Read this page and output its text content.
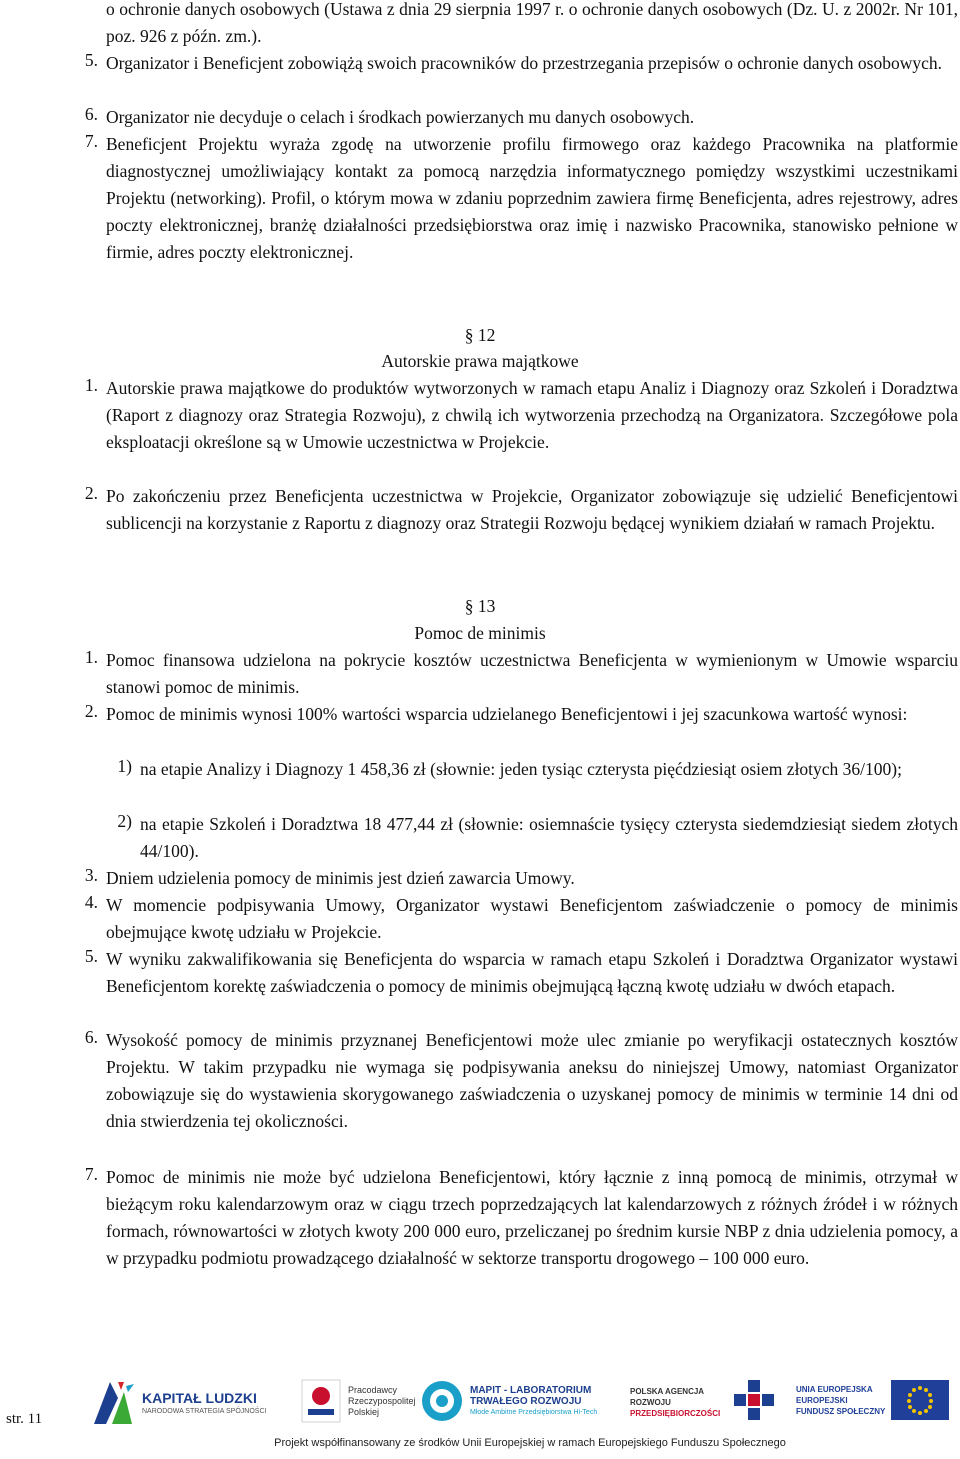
o ochronie danych osobowych (Ustawa z dnia 29 sierpnia 1997 r. o ochronie danych osobowych (Dz. U. z 2002r. Nr 101, poz. 926 z późn. zm.).
5. Organizator i Beneficjent zobowiążą swoich pracowników do przestrzegania przepisów o ochronie danych osobowych.
6. Organizator nie decyduje o celach i środkach powierzanych mu danych osobowych.
7. Beneficjent Projektu wyraża zgodę na utworzenie profilu firmowego oraz każdego Pracownika na platformie diagnostycznej umożliwiający kontakt za pomocą narzędzia informatycznego pomiędzy wszystkimi uczestnikami Projektu (networking). Profil, o którym mowa w zdaniu poprzednim zawiera firmę Beneficjenta, adres rejestrowy, adres poczty elektronicznej, branżę działalności przedsiębiorstwa oraz imię i nazwisko Pracownika, stanowisko pełnione w firmie, adres poczty elektronicznej.
§ 12
Autorskie prawa majątkowe
1. Autorskie prawa majątkowe do produktów wytworzonych w ramach etapu Analiz i Diagnozy oraz Szkoleń i Doradztwa (Raport z diagnozy oraz Strategia Rozwoju), z chwilą ich wytworzenia przechodzą na Organizatora. Szczegółowe pola eksploatacji określone są w Umowie uczestnictwa w Projekcie.
2. Po zakończeniu przez Beneficjenta uczestnictwa w Projekcie, Organizator zobowiązuje się udzielić Beneficjentowi sublicencji na korzystanie z Raportu z diagnozy oraz Strategii Rozwoju będącej wynikiem działań w ramach Projektu.
§ 13
Pomoc de minimis
1. Pomoc finansowa udzielona na pokrycie kosztów uczestnictwa Beneficjenta w wymienionym w Umowie wsparciu stanowi pomoc de minimis.
2. Pomoc de minimis wynosi 100% wartości wsparcia udzielanego Beneficjentowi i jej szacunkowa wartość wynosi:
1) na etapie Analizy i Diagnozy 1 458,36 zł (słownie: jeden tysiąc czterysta pięćdziesiąt osiem złotych 36/100);
2) na etapie Szkoleń i Doradztwa 18 477,44 zł (słownie: osiemnaście tysięcy czterysta siedemdziesiąt siedem złotych 44/100).
3. Dniem udzielenia pomocy de minimis jest dzień zawarcia Umowy.
4. W momencie podpisywania Umowy, Organizator wystawi Beneficjentom zaświadczenie o pomocy de minimis obejmujące kwotę udziału w Projekcie.
5. W wyniku zakwalifikowania się Beneficjenta do wsparcia w ramach etapu Szkoleń i Doradztwa Organizator wystawi Beneficjentom korektę zaświadczenia o pomocy de minimis obejmującą łączną kwotę udziału w dwóch etapach.
6. Wysokość pomocy de minimis przyznanej Beneficjentowi może ulec zmianie po weryfikacji ostatecznych kosztów Projektu. W takim przypadku nie wymaga się podpisywania aneksu do niniejszej Umowy, natomiast Organizator zobowiązuje się do wystawienia skorygowanego zaświadczenia o uzyskanej pomocy de minimis w terminie 14 dni od dnia stwierdzenia tej okoliczności.
7. Pomoc de minimis nie może być udzielona Beneficjentowi, który łącznie z inną pomocą de minimis, otrzymał w bieżącym roku kalendarzowym oraz w ciągu trzech poprzedzających lat kalendarzowych z różnych źródeł i w różnych formach, równowartości w złotych kwoty 200 000 euro, przeliczanej po średnim kursie NBP z dnia udzielenia pomocy, a w przypadku podmiotu prowadzącego działalność w sektorze transportu drogowego – 100 000 euro.
str. 11
KAPITAŁ LUDZKI
NARODOWA STRATEGIA SPÓJNOŚCI
Pracodawcy
Rzeczypospolitej
Polskiej
MAPIT - LABORATORIUM
TRWAŁEGO ROZWOJU
Młode Ambitne Przedsiębiorstwa Hi-Tech
POLSKA AGENCJA
ROZWOJU
PRZEDSIĘBIORCZOŚCI
UNIA EUROPEJSKA
EUROPEJSKI
FUNDUSZ SPOŁECZNY
Projekt współfinansowany ze środków Unii Europejskiej w ramach Europejskiego Funduszu Społecznego
